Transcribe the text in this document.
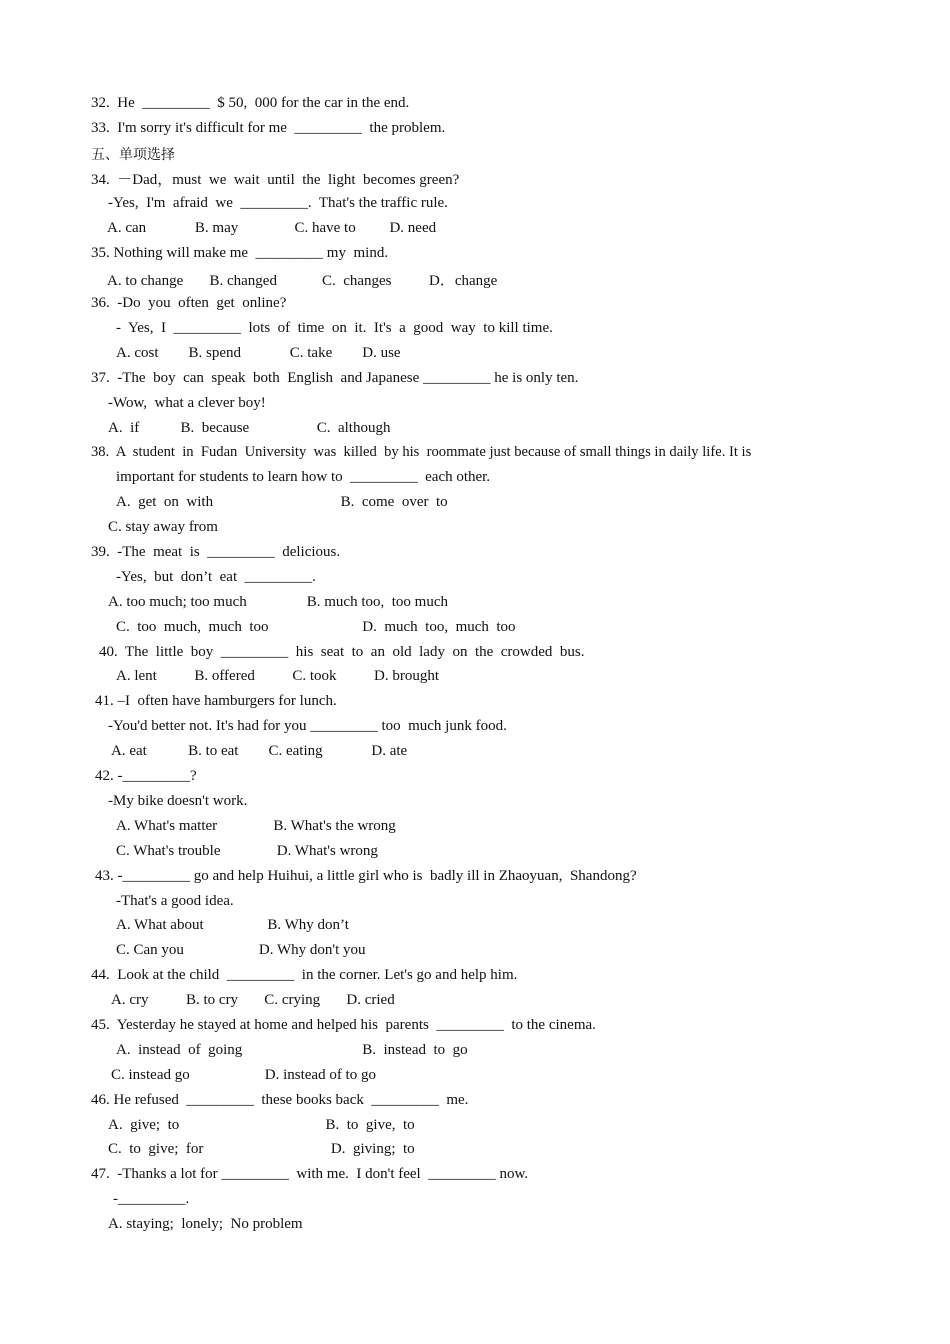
32.  He  _________  $ 50,  000 for the car in the end.
33.  I'm sorry it's difficult for me  _________  the problem.
五、单项选择
34.  －Dad，must  we  wait  until  the  light  becomes green?
-Yes,  I'm  afraid  we  _________.  That's the traffic rule.
A. can             B. may               C. have to         D. need
35. Nothing will make me  _________ my  mind.
A. to change       B. changed            C.  changes          D．change
36.  -Do  you  often  get  online?
-  Yes,  I  _________  lots  of  time  on  it.  It's  a  good  way  to kill time.
A. cost        B. spend             C. take        D. use
37.  -The  boy  can  speak  both  English  and Japanese _________ he is only ten.
-Wow,  what a clever boy!
A.  if           B.  because                  C.  although
38.  A  student  in  Fudan  University  was  killed  by his  roommate just because of small things in daily life. It is
important for students to learn how to  _________  each other.
A.  get  on  with                                  B.  come  over  to
C. stay away from
39.  -The  meat  is  _________  delicious.
-Yes,  but  don’t  eat  _________.
A. too much; too much                B. much too,  too much
C.  too  much,  much  too                         D.  much  too,  much  too
40.  The  little  boy  _________  his  seat  to  an  old  lady  on  the  crowded  bus.
A. lent          B. offered          C. took          D. brought
41. –I  often have hamburgers for lunch.
-You'd better not. It's had for you _________ too  much junk food.
A. eat           B. to eat        C. eating             D. ate
42. -_________?
-My bike doesn't work.
A. What's matter               B. What's the wrong
C. What's trouble               D. What's wrong
43. -_________ go and help Huihui, a little girl who is  badly ill in Zhaoyuan,  Shandong?
-That's a good idea.
A. What about                 B. Why don’t
C. Can you                    D. Why don't you
44.  Look at the child  _________  in the corner. Let's go and help him.
A. cry          B. to cry       C. crying       D. cried
45.  Yesterday he stayed at home and helped his  parents  _________  to the cinema.
A.  instead  of  going                                B.  instead  to  go
C. instead go                    D. instead of to go
46. He refused  _________  these books back  _________  me.
A.  give;  to                                       B.  to  give,  to
C.  to  give;  for                                  D.  giving;  to
47.  -Thanks a lot for _________  with me.  I don't feel  _________ now.
-_________.
A. staying;  lonely;  No problem
